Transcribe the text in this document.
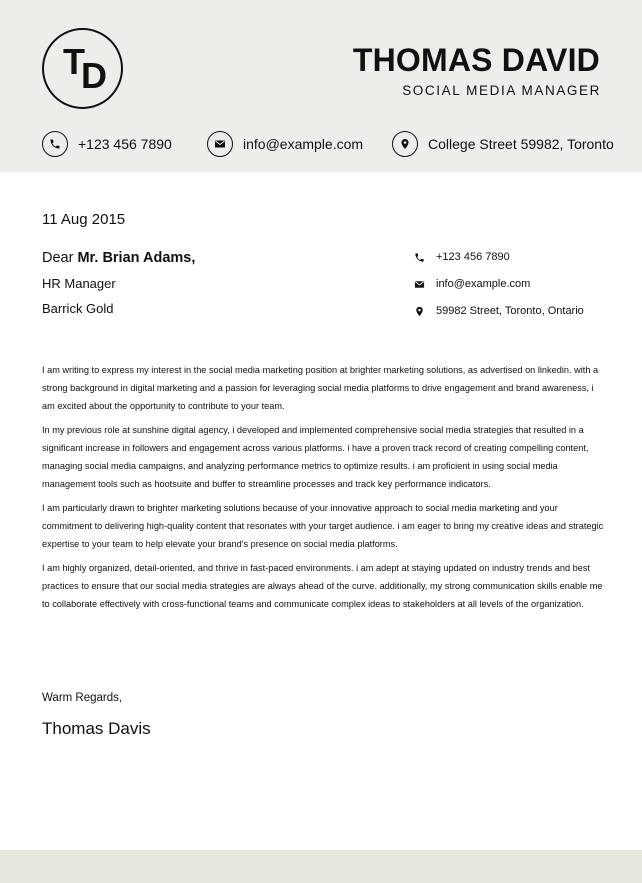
T
D	THOMAS DAVID
SOCIAL MEDIA MANAGER
+123 456 7890	info@example.com	College Street 59982, Toronto
11 Aug 2015
Dear Mr. Brian Adams,
HR Manager
Barrick Gold
+123 456 7890
info@example.com
59982 Street, Toronto, Ontario

I am writing to express my interest in the social media marketing position at brighter marketing solutions, as advertised on linkedin. with a strong background in digital marketing and a passion for leveraging social media platforms to drive engagement and brand awareness, i am excited about the opportunity to contribute to your team.

In my previous role at sunshine digital agency, i developed and implemented comprehensive social media strategies that resulted in a significant increase in followers and engagement across various platforms. i have a proven track record of creating compelling content, managing social media campaigns, and analyzing performance metrics to optimize results. i am proficient in using social media management tools such as hootsuite and buffer to streamline processes and track key performance indicators.

I am particularly drawn to brighter marketing solutions because of your innovative approach to social media marketing and your commitment to delivering high-quality content that resonates with your target audience. i am eager to bring my creative ideas and strategic expertise to your team to help elevate your brand's presence on social media platforms.

I am highly organized, detail-oriented, and thrive in fast-paced environments. i am adept at staying updated on industry trends and best practices to ensure that our social media strategies are always ahead of the curve. additionally, my strong communication skills enable me to collaborate effectively with cross-functional teams and communicate complex ideas to stakeholders at all levels of the organization.

Warm Regards,
Thomas Davis
